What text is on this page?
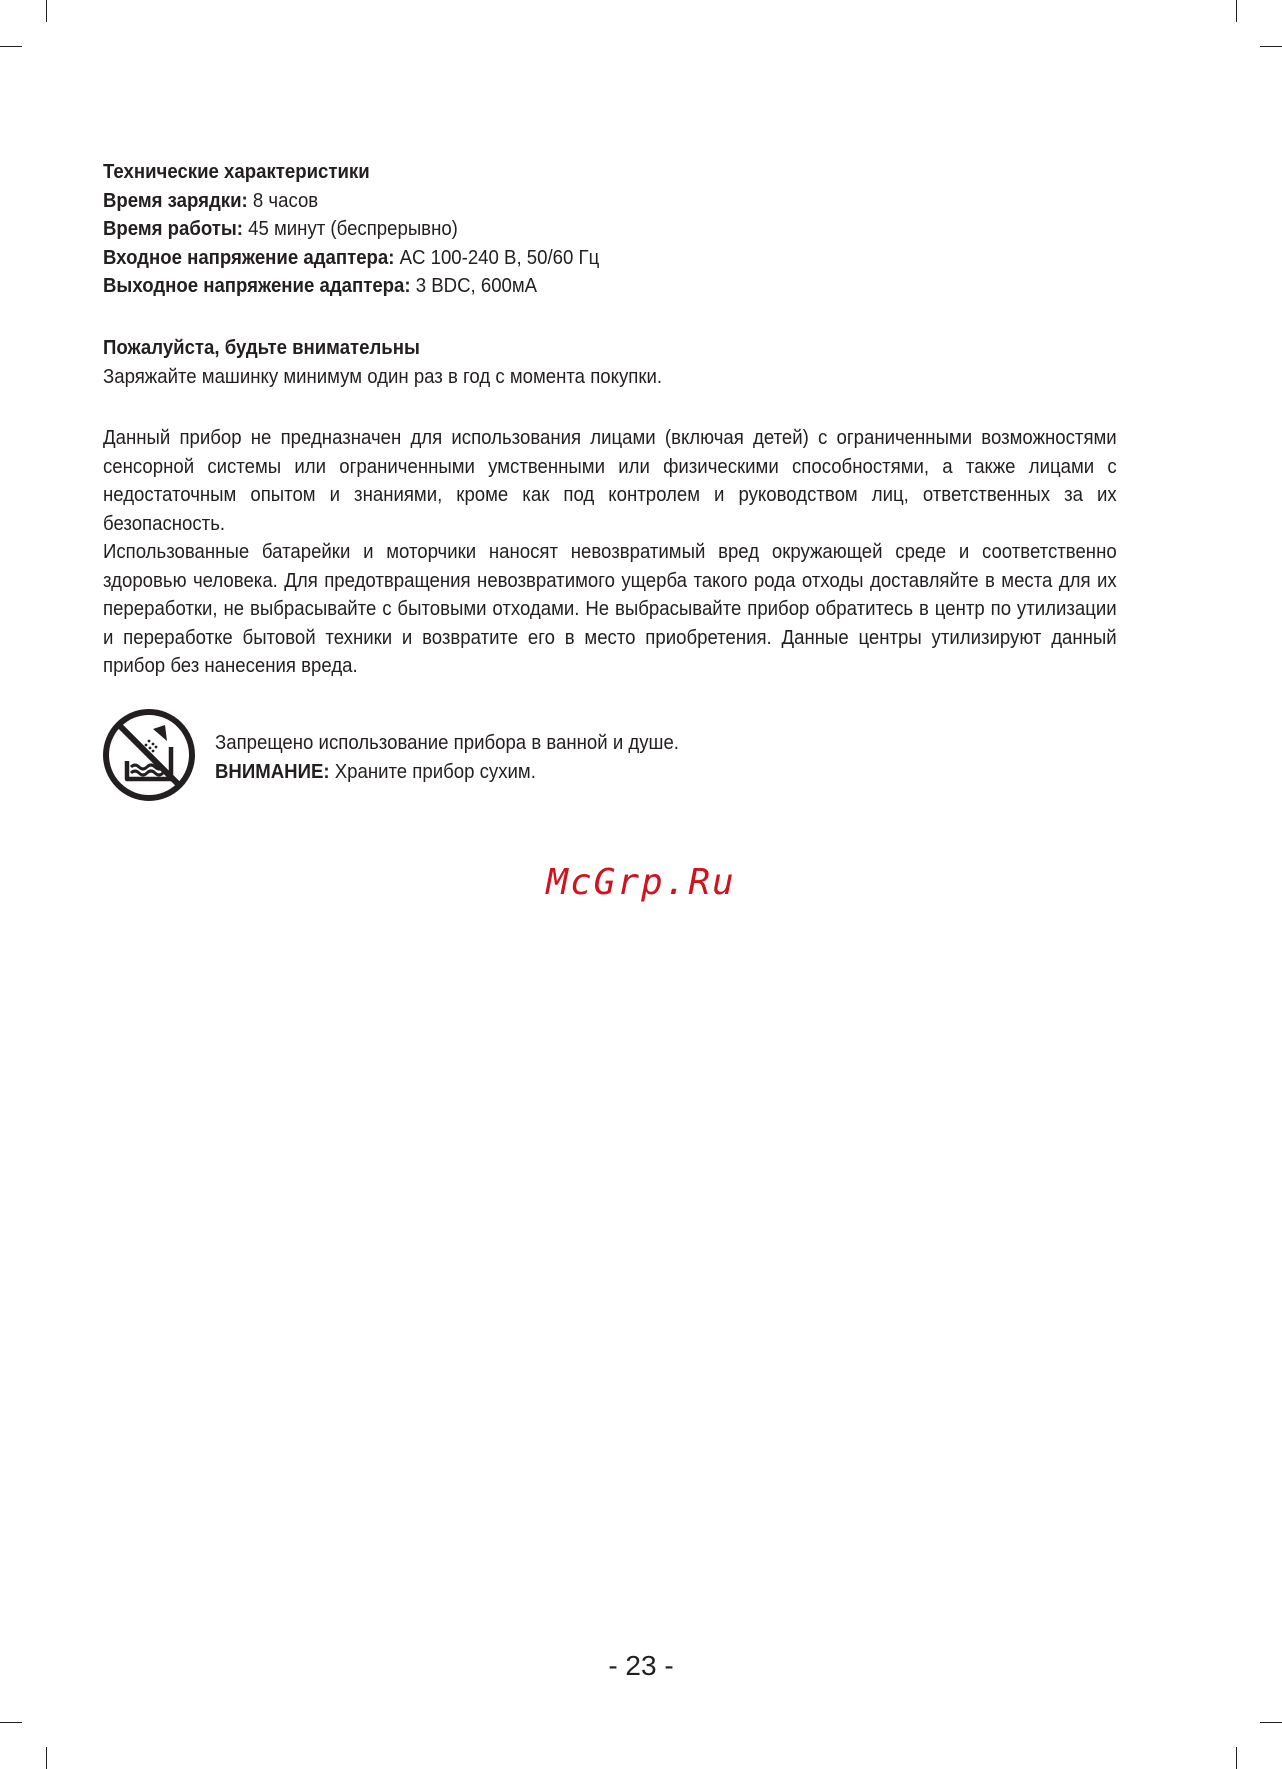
Технические характеристики

Время зарядки: 8 часов

Время работы: 45 минут (беспрерывно)

Входное напряжение адаптера: AC 100-240 B, 50/60 Гц

Выходное напряжение адаптера: 3 BDC, 600мА

Пожалуйста, будьте внимательны

Заряжайте машинку минимум один раз в год с момента покупки.

Данный прибор не предназначен для использования лицами (включая детей) с ограниченными возможностями сенсорной системы или ограниченными умственными или физическими способностями, а также лицами с недостаточным опытом и знаниями, кроме как под контролем и руководством лиц, ответственных за их безопасность.

Использованные батарейки и моторчики наносят невозвратимый вред окружающей среде и соответственно здоровью человека. Для предотвращения невозвратимого ущерба такого рода отходы доставляйте в места для их переработки, не выбрасывайте с бытовыми отходами. Не выбрасывайте прибор обратитесь в центр по утилизации и переработке бытовой техники и возвратите его в место приобретения. Данные центры утилизируют данный прибор без нанесения вреда.

Запрещено использование прибора в ванной и душе.

ВНИМАНИЕ: Храните прибор сухим.

McGrp.Ru
- 23 -
